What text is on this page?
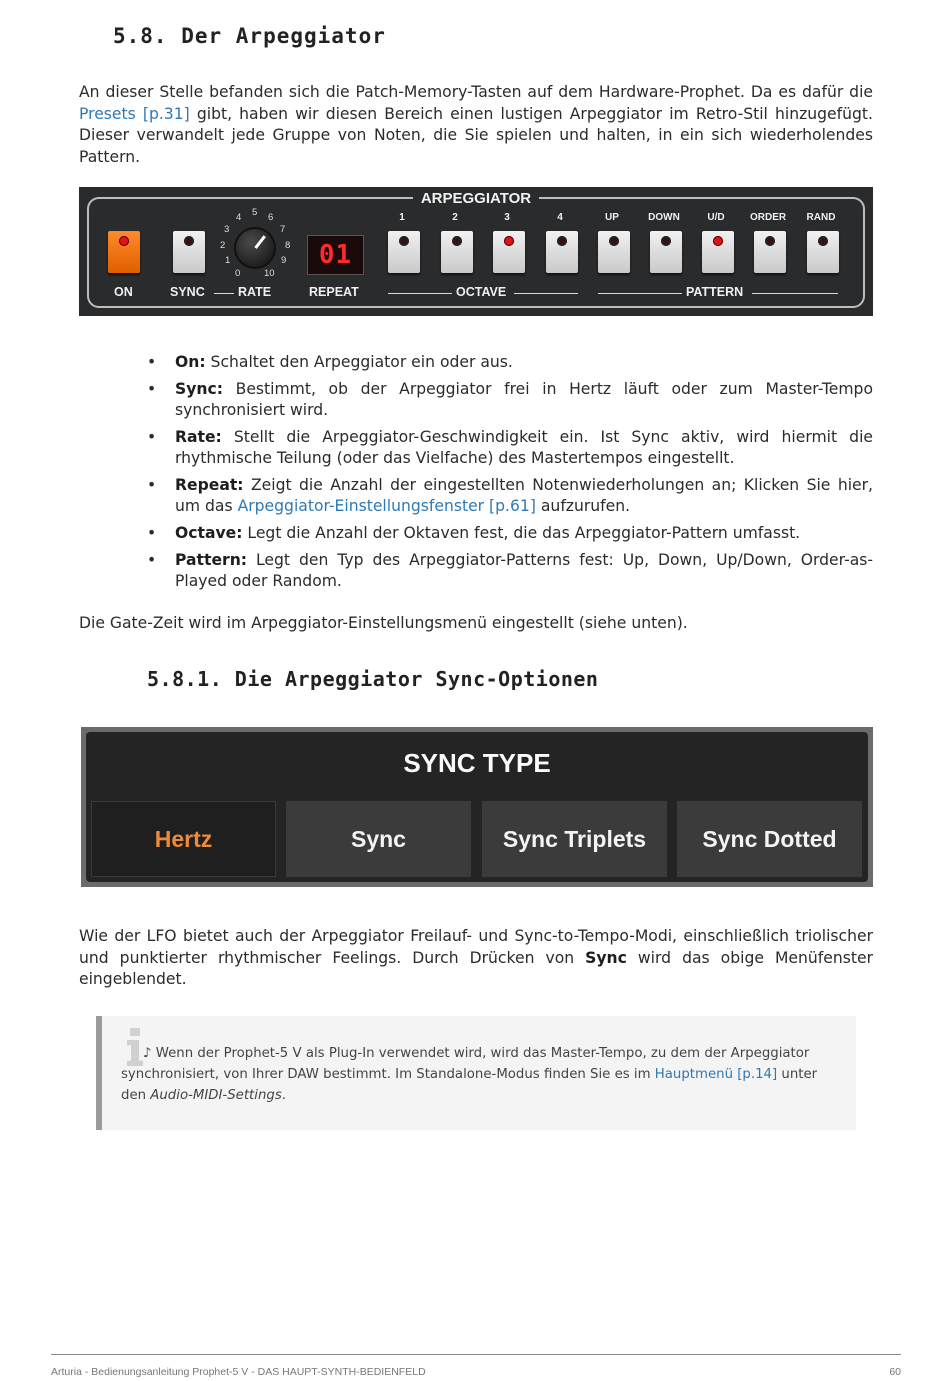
5.8. Der Arpeggiator

An dieser Stelle befanden sich die Patch-Memory-Tasten auf dem Hardware-Prophet. Da es dafür die Presets [p.31] gibt, haben wir diesen Bereich einen lustigen Arpeggiator im Retro-Stil hinzugefügt. Dieser verwandelt jede Gruppe von Noten, die Sie spielen und halten, in ein sich wiederholendes Pattern.

ARPEGGIATOR
1	2	3	4	UP	DOWN	U/D	ORDER	RAND
0
1
2
3
4 5 6
7
8
9
10
01
ON	SYNC	RATE	REPEAT	OCTAVE	PATTERN
• On: Schaltet den Arpeggiator ein oder aus.
• Sync: Bestimmt, ob der Arpeggiator frei in Hertz läuft oder zum Master-Tempo synchronisiert wird.
• Rate: Stellt die Arpeggiator-Geschwindigkeit ein. Ist Sync aktiv, wird hiermit die rhythmische Teilung (oder das Vielfache) des Mastertempos eingestellt.
• Repeat: Zeigt die Anzahl der eingestellten Notenwiederholungen an; Klicken Sie hier, um das Arpeggiator-Einstellungsfenster [p.61] aufzurufen.
• Octave: Legt die Anzahl der Oktaven fest, die das Arpeggiator-Pattern umfasst.
• Pattern: Legt den Typ des Arpeggiator-Patterns fest: Up, Down, Up/Down, Order-as-Played oder Random.

Die Gate-Zeit wird im Arpeggiator-Einstellungsmenü eingestellt (siehe unten).

5.8.1. Die Arpeggiator Sync-Optionen
SYNC TYPE
Hertz	Sync	Sync Triplets	Sync Dotted

Wie der LFO bietet auch der Arpeggiator Freilauf- und Sync-to-Tempo-Modi, einschließlich triolischer und punktierter rhythmischer Feelings. Durch Drücken von Sync wird das obige Menüfenster eingeblendet.

♪ Wenn der Prophet-5 V als Plug-In verwendet wird, wird das Master-Tempo, zu dem der Arpeggiator synchronisiert, von Ihrer DAW bestimmt. Im Standalone-Modus finden Sie es im Hauptmenü [p.14] unter den Audio-MIDI-Settings.
Arturia - Bedienungsanleitung Prophet-5 V - DAS HAUPT-SYNTH-BEDIENFELD	60
